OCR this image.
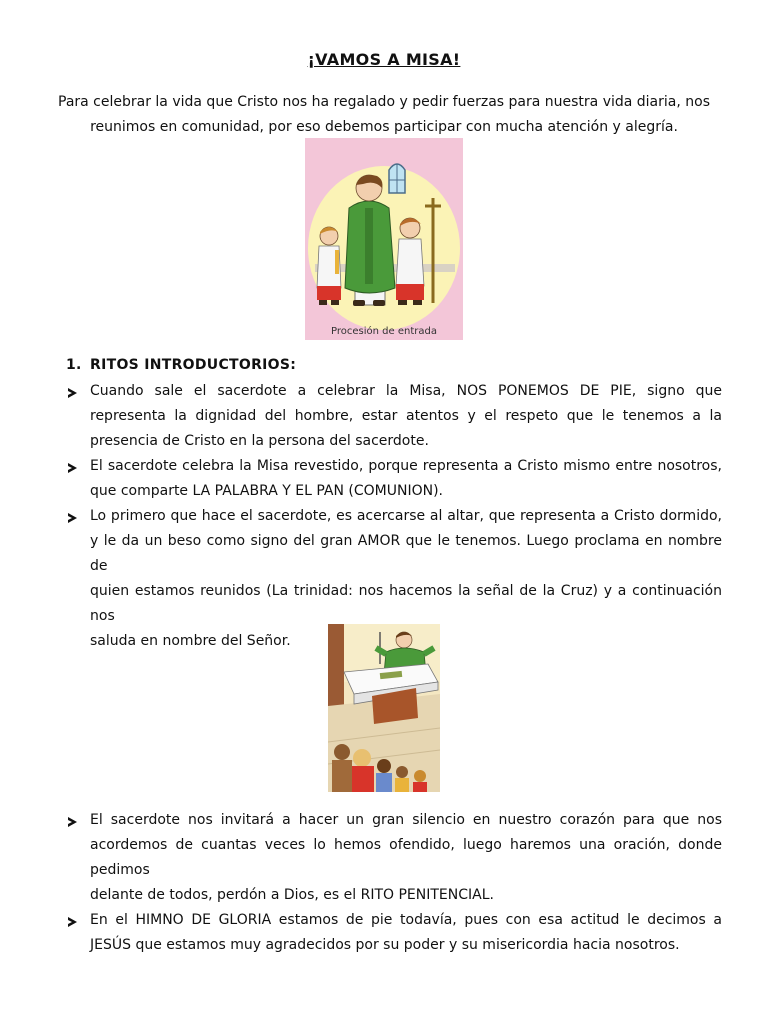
¡VAMOS A MISA!
Para celebrar la vida que Cristo nos ha regalado y pedir fuerzas para nuestra vida diaria, nos
reunimos en comunidad, por eso debemos participar con mucha atención y alegría.
Procesión de entrada
1. RITOS INTRODUCTORIOS:
Cuando sale el sacerdote a celebrar la Misa, NOS PONEMOS DE PIE, signo que
representa la dignidad del hombre, estar atentos y el respeto que le tenemos a la
presencia de Cristo en la persona del sacerdote.
El sacerdote celebra la Misa revestido, porque representa a Cristo mismo entre nosotros,
que comparte LA PALABRA Y EL PAN (COMUNION).
Lo primero que hace el sacerdote, es acercarse al altar, que representa a Cristo dormido,
y le da un beso como signo del gran AMOR que le tenemos. Luego proclama en nombre de
quien estamos reunidos (La trinidad: nos hacemos la señal de la Cruz) y a continuación nos
saluda en nombre del Señor.
El sacerdote nos invitará a hacer un gran silencio en nuestro corazón para que nos
acordemos de cuantas veces lo hemos ofendido, luego haremos una oración, donde pedimos
delante de todos, perdón a Dios, es el RITO PENITENCIAL.
En el HIMNO DE GLORIA estamos de pie todavía, pues con esa actitud le decimos a
JESÚS que estamos muy agradecidos por su poder y su misericordia hacia nosotros.
